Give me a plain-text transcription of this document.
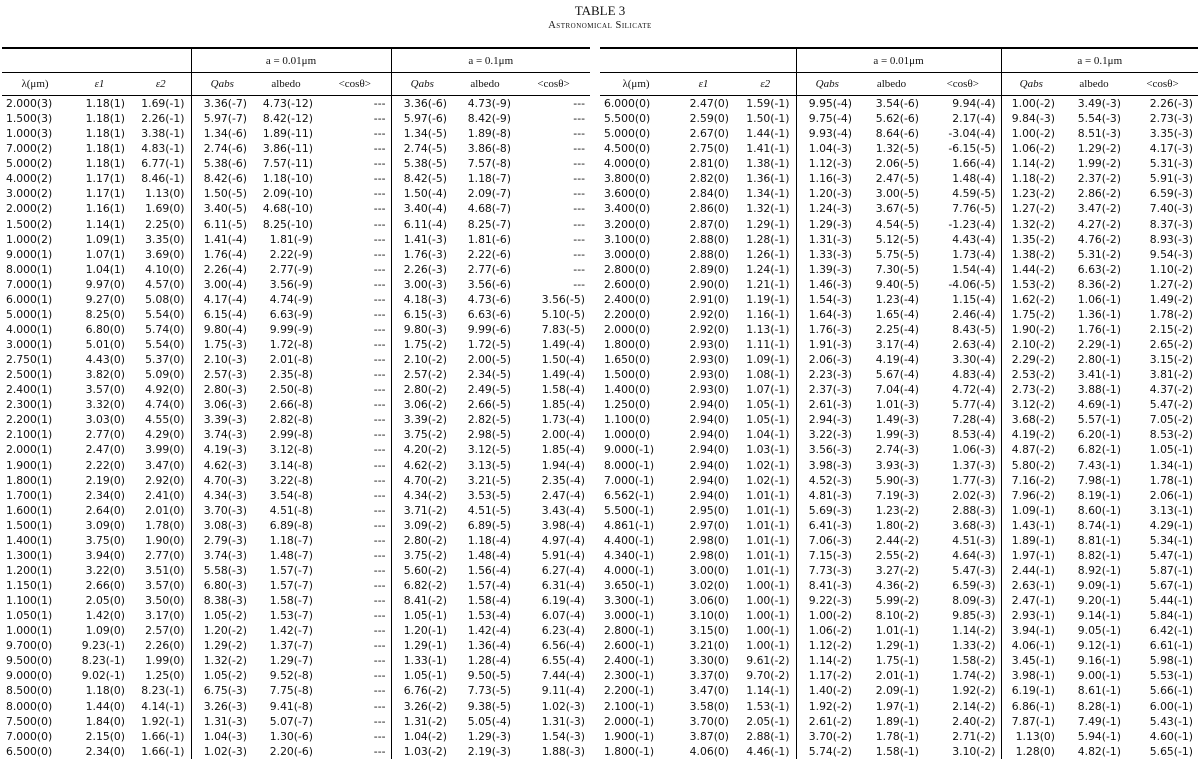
TABLE 3
Astronomical Silicate
			a = 0.01μm			a = 0.1μm		
λ(μm)	ε1	ε2	Qabs	albedo	<cosθ>	Qabs	albedo	<cosθ>
2.000(3)	1.18(1)	1.69(-1)	3.36(-7)	4.73(-12)	---	3.36(-6)	4.73(-9)	---
1.500(3)	1.18(1)	2.26(-1)	5.97(-7)	8.42(-12)	---	5.97(-6)	8.42(-9)	---
1.000(3)	1.18(1)	3.38(-1)	1.34(-6)	1.89(-11)	---	1.34(-5)	1.89(-8)	---
7.000(2)	1.18(1)	4.83(-1)	2.74(-6)	3.86(-11)	---	2.74(-5)	3.86(-8)	---
5.000(2)	1.18(1)	6.77(-1)	5.38(-6)	7.57(-11)	---	5.38(-5)	7.57(-8)	---
4.000(2)	1.17(1)	8.46(-1)	8.42(-6)	1.18(-10)	---	8.42(-5)	1.18(-7)	---
3.000(2)	1.17(1)	1.13(0)	1.50(-5)	2.09(-10)	---	1.50(-4)	2.09(-7)	---
2.000(2)	1.16(1)	1.69(0)	3.40(-5)	4.68(-10)	---	3.40(-4)	4.68(-7)	---
1.500(2)	1.14(1)	2.25(0)	6.11(-5)	8.25(-10)	---	6.11(-4)	8.25(-7)	---
1.000(2)	1.09(1)	3.35(0)	1.41(-4)	1.81(-9)	---	1.41(-3)	1.81(-6)	---
9.000(1)	1.07(1)	3.69(0)	1.76(-4)	2.22(-9)	---	1.76(-3)	2.22(-6)	---
8.000(1)	1.04(1)	4.10(0)	2.26(-4)	2.77(-9)	---	2.26(-3)	2.77(-6)	---
7.000(1)	9.97(0)	4.57(0)	3.00(-4)	3.56(-9)	---	3.00(-3)	3.56(-6)	---
6.000(1)	9.27(0)	5.08(0)	4.17(-4)	4.74(-9)	---	4.18(-3)	4.73(-6)	3.56(-5)
5.000(1)	8.25(0)	5.54(0)	6.15(-4)	6.63(-9)	---	6.15(-3)	6.63(-6)	5.10(-5)
4.000(1)	6.80(0)	5.74(0)	9.80(-4)	9.99(-9)	---	9.80(-3)	9.99(-6)	7.83(-5)
3.000(1)	5.01(0)	5.54(0)	1.75(-3)	1.72(-8)	---	1.75(-2)	1.72(-5)	1.49(-4)
2.750(1)	4.43(0)	5.37(0)	2.10(-3)	2.01(-8)	---	2.10(-2)	2.00(-5)	1.50(-4)
2.500(1)	3.82(0)	5.09(0)	2.57(-3)	2.35(-8)	---	2.57(-2)	2.34(-5)	1.49(-4)
2.400(1)	3.57(0)	4.92(0)	2.80(-3)	2.50(-8)	---	2.80(-2)	2.49(-5)	1.58(-4)
2.300(1)	3.32(0)	4.74(0)	3.06(-3)	2.66(-8)	---	3.06(-2)	2.66(-5)	1.85(-4)
2.200(1)	3.03(0)	4.55(0)	3.39(-3)	2.82(-8)	---	3.39(-2)	2.82(-5)	1.73(-4)
2.100(1)	2.77(0)	4.29(0)	3.74(-3)	2.99(-8)	---	3.75(-2)	2.98(-5)	2.00(-4)
2.000(1)	2.47(0)	3.99(0)	4.19(-3)	3.12(-8)	---	4.20(-2)	3.12(-5)	1.85(-4)
1.900(1)	2.22(0)	3.47(0)	4.62(-3)	3.14(-8)	---	4.62(-2)	3.13(-5)	1.94(-4)
1.800(1)	2.19(0)	2.92(0)	4.70(-3)	3.22(-8)	---	4.70(-2)	3.21(-5)	2.35(-4)
1.700(1)	2.34(0)	2.41(0)	4.34(-3)	3.54(-8)	---	4.34(-2)	3.53(-5)	2.47(-4)
1.600(1)	2.64(0)	2.01(0)	3.70(-3)	4.51(-8)	---	3.71(-2)	4.51(-5)	3.43(-4)
1.500(1)	3.09(0)	1.78(0)	3.08(-3)	6.89(-8)	---	3.09(-2)	6.89(-5)	3.98(-4)
1.400(1)	3.75(0)	1.90(0)	2.79(-3)	1.18(-7)	---	2.80(-2)	1.18(-4)	4.97(-4)
1.300(1)	3.94(0)	2.77(0)	3.74(-3)	1.48(-7)	---	3.75(-2)	1.48(-4)	5.91(-4)
1.200(1)	3.22(0)	3.51(0)	5.58(-3)	1.57(-7)	---	5.60(-2)	1.56(-4)	6.27(-4)
1.150(1)	2.66(0)	3.57(0)	6.80(-3)	1.57(-7)	---	6.82(-2)	1.57(-4)	6.31(-4)
1.100(1)	2.05(0)	3.50(0)	8.38(-3)	1.58(-7)	---	8.41(-2)	1.58(-4)	6.19(-4)
1.050(1)	1.42(0)	3.17(0)	1.05(-2)	1.53(-7)	---	1.05(-1)	1.53(-4)	6.07(-4)
1.000(1)	1.09(0)	2.57(0)	1.20(-2)	1.42(-7)	---	1.20(-1)	1.42(-4)	6.23(-4)
9.700(0)	9.23(-1)	2.26(0)	1.29(-2)	1.37(-7)	---	1.29(-1)	1.36(-4)	6.56(-4)
9.500(0)	8.23(-1)	1.99(0)	1.32(-2)	1.29(-7)	---	1.33(-1)	1.28(-4)	6.55(-4)
9.000(0)	9.02(-1)	1.25(0)	1.05(-2)	9.52(-8)	---	1.05(-1)	9.50(-5)	7.44(-4)
8.500(0)	1.18(0)	8.23(-1)	6.75(-3)	7.75(-8)	---	6.76(-2)	7.73(-5)	9.11(-4)
8.000(0)	1.44(0)	4.14(-1)	3.26(-3)	9.41(-8)	---	3.26(-2)	9.38(-5)	1.02(-3)
7.500(0)	1.84(0)	1.92(-1)	1.31(-3)	5.07(-7)	---	1.31(-2)	5.05(-4)	1.31(-3)
7.000(0)	2.15(0)	1.66(-1)	1.04(-3)	1.30(-6)	---	1.04(-2)	1.29(-3)	1.54(-3)
6.500(0)	2.34(0)	1.66(-1)	1.02(-3)	2.20(-6)	---	1.03(-2)	2.19(-3)	1.88(-3)
			a = 0.01μm			a = 0.1μm		
λ(μm)	ε1	ε2	Qabs	albedo	<cosθ>	Qabs	albedo	<cosθ>
6.000(0)	2.47(0)	1.59(-1)	9.95(-4)	3.54(-6)	9.94(-4)	1.00(-2)	3.49(-3)	2.26(-3)
5.500(0)	2.59(0)	1.50(-1)	9.75(-4)	5.62(-6)	2.17(-4)	9.84(-3)	5.54(-3)	2.73(-3)
5.000(0)	2.67(0)	1.44(-1)	9.93(-4)	8.64(-6)	-3.04(-4)	1.00(-2)	8.51(-3)	3.35(-3)
4.500(0)	2.75(0)	1.41(-1)	1.04(-3)	1.32(-5)	-6.15(-5)	1.06(-2)	1.29(-2)	4.17(-3)
4.000(0)	2.81(0)	1.38(-1)	1.12(-3)	2.06(-5)	1.66(-4)	1.14(-2)	1.99(-2)	5.31(-3)
3.800(0)	2.82(0)	1.36(-1)	1.16(-3)	2.47(-5)	1.48(-4)	1.18(-2)	2.37(-2)	5.91(-3)
3.600(0)	2.84(0)	1.34(-1)	1.20(-3)	3.00(-5)	4.59(-5)	1.23(-2)	2.86(-2)	6.59(-3)
3.400(0)	2.86(0)	1.32(-1)	1.24(-3)	3.67(-5)	7.76(-5)	1.27(-2)	3.47(-2)	7.40(-3)
3.200(0)	2.87(0)	1.29(-1)	1.29(-3)	4.54(-5)	-1.23(-4)	1.32(-2)	4.27(-2)	8.37(-3)
3.100(0)	2.88(0)	1.28(-1)	1.31(-3)	5.12(-5)	4.43(-4)	1.35(-2)	4.76(-2)	8.93(-3)
3.000(0)	2.88(0)	1.26(-1)	1.33(-3)	5.75(-5)	1.73(-4)	1.38(-2)	5.31(-2)	9.54(-3)
2.800(0)	2.89(0)	1.24(-1)	1.39(-3)	7.30(-5)	1.54(-4)	1.44(-2)	6.63(-2)	1.10(-2)
2.600(0)	2.90(0)	1.21(-1)	1.46(-3)	9.40(-5)	-4.06(-5)	1.53(-2)	8.36(-2)	1.27(-2)
2.400(0)	2.91(0)	1.19(-1)	1.54(-3)	1.23(-4)	1.15(-4)	1.62(-2)	1.06(-1)	1.49(-2)
2.200(0)	2.92(0)	1.16(-1)	1.64(-3)	1.65(-4)	2.46(-4)	1.75(-2)	1.36(-1)	1.78(-2)
2.000(0)	2.92(0)	1.13(-1)	1.76(-3)	2.25(-4)	8.43(-5)	1.90(-2)	1.76(-1)	2.15(-2)
1.800(0)	2.93(0)	1.11(-1)	1.91(-3)	3.17(-4)	2.63(-4)	2.10(-2)	2.29(-1)	2.65(-2)
1.650(0)	2.93(0)	1.09(-1)	2.06(-3)	4.19(-4)	3.30(-4)	2.29(-2)	2.80(-1)	3.15(-2)
1.500(0)	2.93(0)	1.08(-1)	2.23(-3)	5.67(-4)	4.83(-4)	2.53(-2)	3.41(-1)	3.81(-2)
1.400(0)	2.93(0)	1.07(-1)	2.37(-3)	7.04(-4)	4.72(-4)	2.73(-2)	3.88(-1)	4.37(-2)
1.250(0)	2.94(0)	1.05(-1)	2.61(-3)	1.01(-3)	5.77(-4)	3.12(-2)	4.69(-1)	5.47(-2)
1.100(0)	2.94(0)	1.05(-1)	2.94(-3)	1.49(-3)	7.28(-4)	3.68(-2)	5.57(-1)	7.05(-2)
1.000(0)	2.94(0)	1.04(-1)	3.22(-3)	1.99(-3)	8.53(-4)	4.19(-2)	6.20(-1)	8.53(-2)
9.000(-1)	2.94(0)	1.03(-1)	3.56(-3)	2.74(-3)	1.06(-3)	4.87(-2)	6.82(-1)	1.05(-1)
8.000(-1)	2.94(0)	1.02(-1)	3.98(-3)	3.93(-3)	1.37(-3)	5.80(-2)	7.43(-1)	1.34(-1)
7.000(-1)	2.94(0)	1.02(-1)	4.52(-3)	5.90(-3)	1.77(-3)	7.16(-2)	7.98(-1)	1.78(-1)
6.562(-1)	2.94(0)	1.01(-1)	4.81(-3)	7.19(-3)	2.02(-3)	7.96(-2)	8.19(-1)	2.06(-1)
5.500(-1)	2.95(0)	1.01(-1)	5.69(-3)	1.23(-2)	2.88(-3)	1.09(-1)	8.60(-1)	3.13(-1)
4.861(-1)	2.97(0)	1.01(-1)	6.41(-3)	1.80(-2)	3.68(-3)	1.43(-1)	8.74(-1)	4.29(-1)
4.400(-1)	2.98(0)	1.01(-1)	7.06(-3)	2.44(-2)	4.51(-3)	1.89(-1)	8.81(-1)	5.34(-1)
4.340(-1)	2.98(0)	1.01(-1)	7.15(-3)	2.55(-2)	4.64(-3)	1.97(-1)	8.82(-1)	5.47(-1)
4.000(-1)	3.00(0)	1.01(-1)	7.73(-3)	3.27(-2)	5.47(-3)	2.44(-1)	8.92(-1)	5.87(-1)
3.650(-1)	3.02(0)	1.00(-1)	8.41(-3)	4.36(-2)	6.59(-3)	2.63(-1)	9.09(-1)	5.67(-1)
3.300(-1)	3.06(0)	1.00(-1)	9.22(-3)	5.99(-2)	8.09(-3)	2.47(-1)	9.20(-1)	5.44(-1)
3.000(-1)	3.10(0)	1.00(-1)	1.00(-2)	8.10(-2)	9.85(-3)	2.93(-1)	9.14(-1)	5.84(-1)
2.800(-1)	3.15(0)	1.00(-1)	1.06(-2)	1.01(-1)	1.14(-2)	3.94(-1)	9.05(-1)	6.42(-1)
2.600(-1)	3.21(0)	1.00(-1)	1.12(-2)	1.29(-1)	1.33(-2)	4.06(-1)	9.12(-1)	6.61(-1)
2.400(-1)	3.30(0)	9.61(-2)	1.14(-2)	1.75(-1)	1.58(-2)	3.45(-1)	9.16(-1)	5.98(-1)
2.300(-1)	3.37(0)	9.70(-2)	1.17(-2)	2.01(-1)	1.74(-2)	3.98(-1)	9.00(-1)	5.53(-1)
2.200(-1)	3.47(0)	1.14(-1)	1.40(-2)	2.09(-1)	1.92(-2)	6.19(-1)	8.61(-1)	5.66(-1)
2.100(-1)	3.58(0)	1.53(-1)	1.92(-2)	1.97(-1)	2.14(-2)	6.86(-1)	8.28(-1)	6.00(-1)
2.000(-1)	3.70(0)	2.05(-1)	2.61(-2)	1.89(-1)	2.40(-2)	7.87(-1)	7.49(-1)	5.43(-1)
1.900(-1)	3.87(0)	2.88(-1)	3.70(-2)	1.78(-1)	2.71(-2)	1.13(0)	5.94(-1)	4.60(-1)
1.800(-1)	4.06(0)	4.46(-1)	5.74(-2)	1.58(-1)	3.10(-2)	1.28(0)	4.82(-1)	5.65(-1)
